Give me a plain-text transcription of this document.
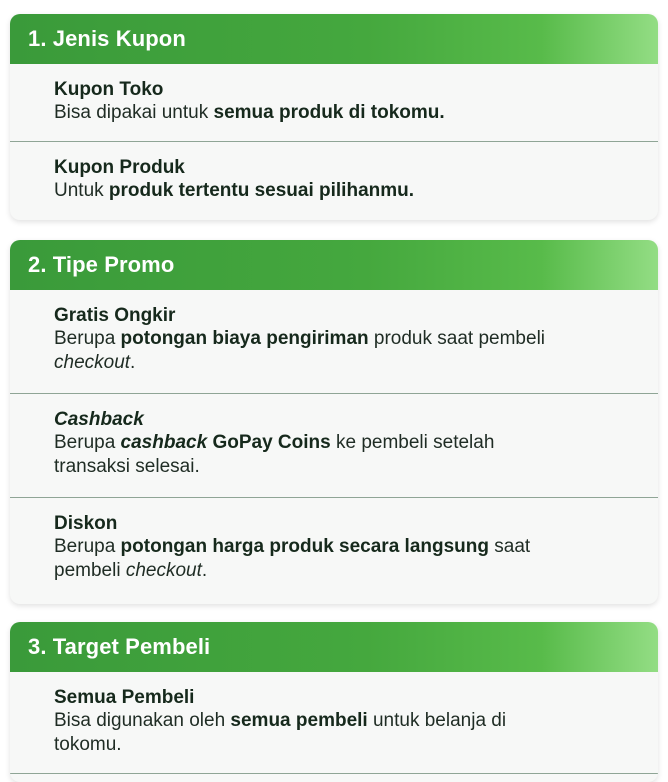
1. Jenis Kupon
Kupon Toko
Bisa dipakai untuk semua produk di tokomu.
Kupon Produk
Untuk produk tertentu sesuai pilihanmu.
2. Tipe Promo
Gratis Ongkir
Berupa potongan biaya pengiriman produk saat pembeli checkout.
Cashback
Berupa cashback GoPay Coins ke pembeli setelah transaksi selesai.
Diskon
Berupa potongan harga produk secara langsung saat pembeli checkout.
3. Target Pembeli
Semua Pembeli
Bisa digunakan oleh semua pembeli untuk belanja di tokomu.
